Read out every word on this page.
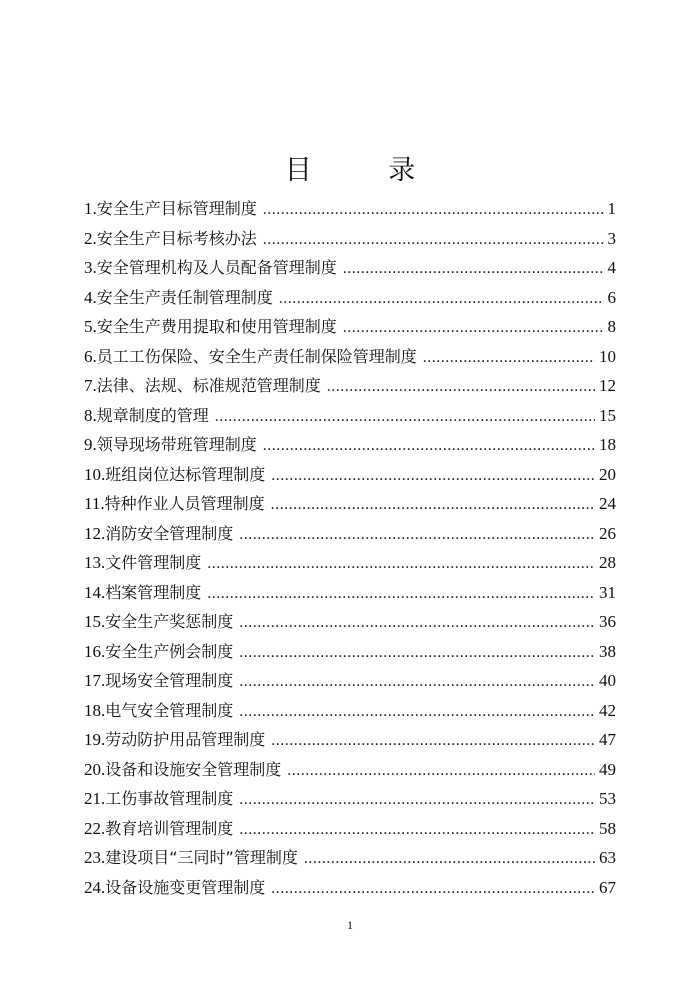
目 录
1. 安全生产目标管理制度 .....	1
2. 安全生产目标考核办法 .....	3
3. 安全管理机构及人员配备管理制度 .....	4
4. 安全生产责任制管理制度 .....	6
5. 安全生产费用提取和使用管理制度 .....	8
6. 员工工伤保险、安全生产责任制保险管理制度 .....	10
7. 法律、法规、标准规范管理制度 .....	12
8. 规章制度的管理 .....	15
9. 领导现场带班管理制度 .....	18
10. 班组岗位达标管理制度 .....	20
11. 特种作业人员管理制度 .....	24
12. 消防安全管理制度 .....	26
13. 文件管理制度 .....	28
14. 档案管理制度 .....	31
15. 安全生产奖惩制度 .....	36
16. 安全生产例会制度 .....	38
17. 现场安全管理制度 .....	40
18. 电气安全管理制度 .....	42
19. 劳动防护用品管理制度 .....	47
20. 设备和设施安全管理制度 .....	49
21. 工伤事故管理制度 .....	53
22. 教育培训管理制度 .....	58
23. 建设项目“三同时”管理制度 .....	63
24. 设备设施变更管理制度 .....	67
1
